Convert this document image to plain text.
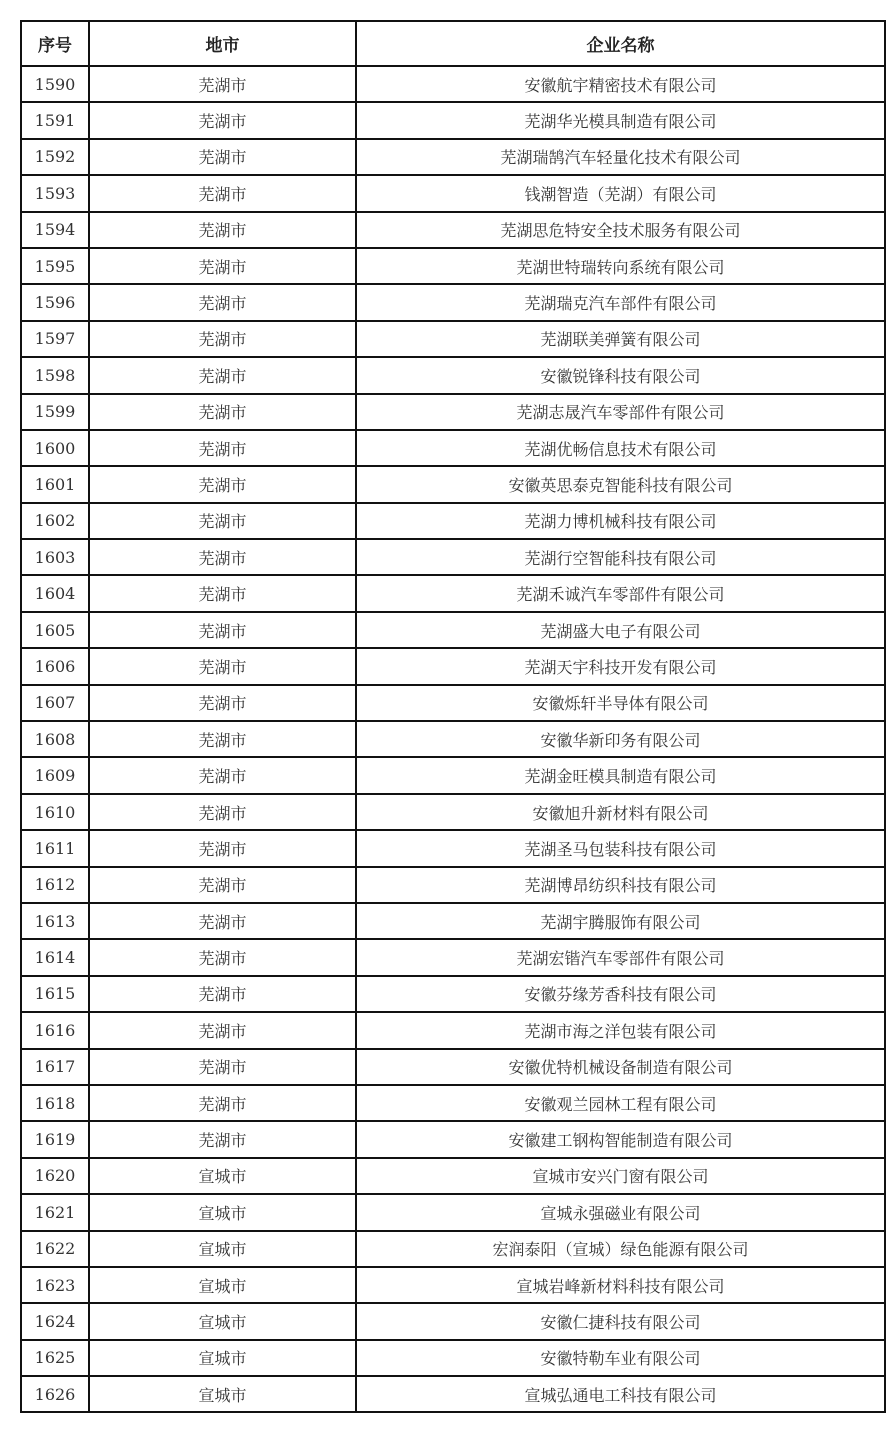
序号	地市	企业名称
1590	芜湖市	安徽航宇精密技术有限公司
1591	芜湖市	芜湖华光模具制造有限公司
1592	芜湖市	芜湖瑞鹄汽车轻量化技术有限公司
1593	芜湖市	钱潮智造（芜湖）有限公司
1594	芜湖市	芜湖思危特安全技术服务有限公司
1595	芜湖市	芜湖世特瑞转向系统有限公司
1596	芜湖市	芜湖瑞克汽车部件有限公司
1597	芜湖市	芜湖联美弹簧有限公司
1598	芜湖市	安徽锐锋科技有限公司
1599	芜湖市	芜湖志晟汽车零部件有限公司
1600	芜湖市	芜湖优畅信息技术有限公司
1601	芜湖市	安徽英思泰克智能科技有限公司
1602	芜湖市	芜湖力博机械科技有限公司
1603	芜湖市	芜湖行空智能科技有限公司
1604	芜湖市	芜湖禾诚汽车零部件有限公司
1605	芜湖市	芜湖盛大电子有限公司
1606	芜湖市	芜湖天宇科技开发有限公司
1607	芜湖市	安徽烁轩半导体有限公司
1608	芜湖市	安徽华新印务有限公司
1609	芜湖市	芜湖金旺模具制造有限公司
1610	芜湖市	安徽旭升新材料有限公司
1611	芜湖市	芜湖圣马包装科技有限公司
1612	芜湖市	芜湖博昂纺织科技有限公司
1613	芜湖市	芜湖宇腾服饰有限公司
1614	芜湖市	芜湖宏锴汽车零部件有限公司
1615	芜湖市	安徽芬缘芳香科技有限公司
1616	芜湖市	芜湖市海之洋包装有限公司
1617	芜湖市	安徽优特机械设备制造有限公司
1618	芜湖市	安徽观兰园林工程有限公司
1619	芜湖市	安徽建工钢构智能制造有限公司
1620	宣城市	宣城市安兴门窗有限公司
1621	宣城市	宣城永强磁业有限公司
1622	宣城市	宏润泰阳（宣城）绿色能源有限公司
1623	宣城市	宣城岩峰新材料科技有限公司
1624	宣城市	安徽仁捷科技有限公司
1625	宣城市	安徽特勒车业有限公司
1626	宣城市	宣城弘通电工科技有限公司
